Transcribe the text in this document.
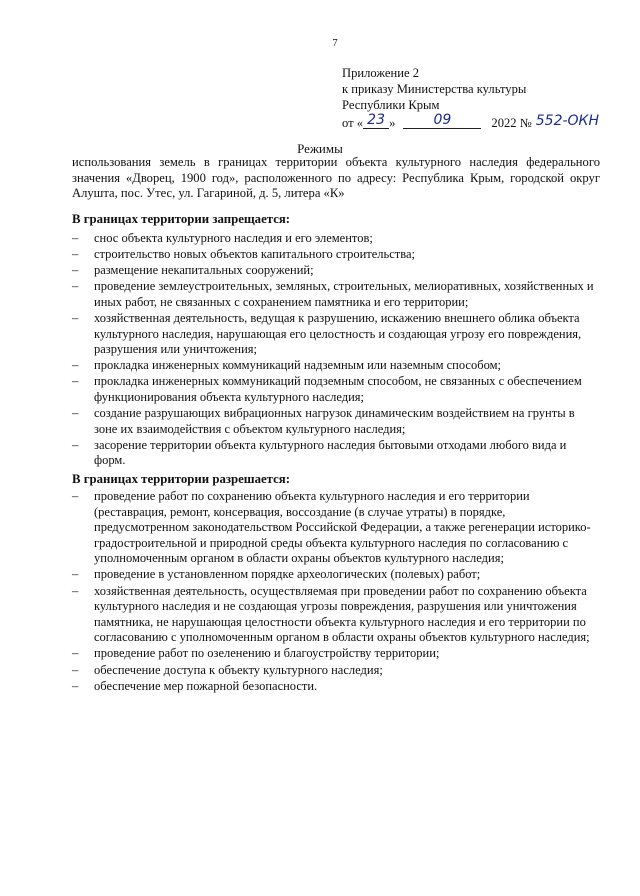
7
Приложение 2
к приказу Министерства культуры
Республики Крым
от « 23 »	09	2022 № 552-ОКН
Режимы
использования земель в границах территории объекта культурного наследия федерального значения «Дворец, 1900 год», расположенного по адресу: Республика Крым, городской округ Алушта, пос. Утес, ул. Гагариной, д. 5, литера «К»
В границах территории запрещается:
– снос объекта культурного наследия и его элементов;
– строительство новых объектов капитального строительства;
– размещение некапитальных сооружений;
– проведение землеустроительных, земляных, строительных, мелиоративных, хозяйственных и иных работ, не связанных с сохранением памятника и его территории;
– хозяйственная деятельность, ведущая к разрушению, искажению внешнего облика объекта культурного наследия, нарушающая его целостность и создающая угрозу его повреждения, разрушения или уничтожения;
– прокладка инженерных коммуникаций надземным или наземным способом;
– прокладка инженерных коммуникаций подземным способом, не связанных с обеспечением функционирования объекта культурного наследия;
– создание разрушающих вибрационных нагрузок динамическим воздействием на грунты в зоне их взаимодействия с объектом культурного наследия;
– засорение территории объекта культурного наследия бытовыми отходами любого вида и форм.
В границах территории разрешается:
– проведение работ по сохранению объекта культурного наследия и его территории (реставрация, ремонт, консервация, воссоздание (в случае утраты) в порядке, предусмотренном законодательством Российской Федерации, а также регенерации историко-градостроительной и природной среды объекта культурного наследия по согласованию с уполномоченным органом в области охраны объектов культурного наследия;
– проведение в установленном порядке археологических (полевых) работ;
– хозяйственная деятельность, осуществляемая при проведении работ по сохранению объекта культурного наследия и не создающая угрозы повреждения, разрушения или уничтожения памятника, не нарушающая целостности объекта культурного наследия и его территории по согласованию с уполномоченным органом в области охраны объектов культурного наследия;
– проведение работ по озеленению и благоустройству территории;
– обеспечение доступа к объекту культурного наследия;
– обеспечение мер пожарной безопасности.
